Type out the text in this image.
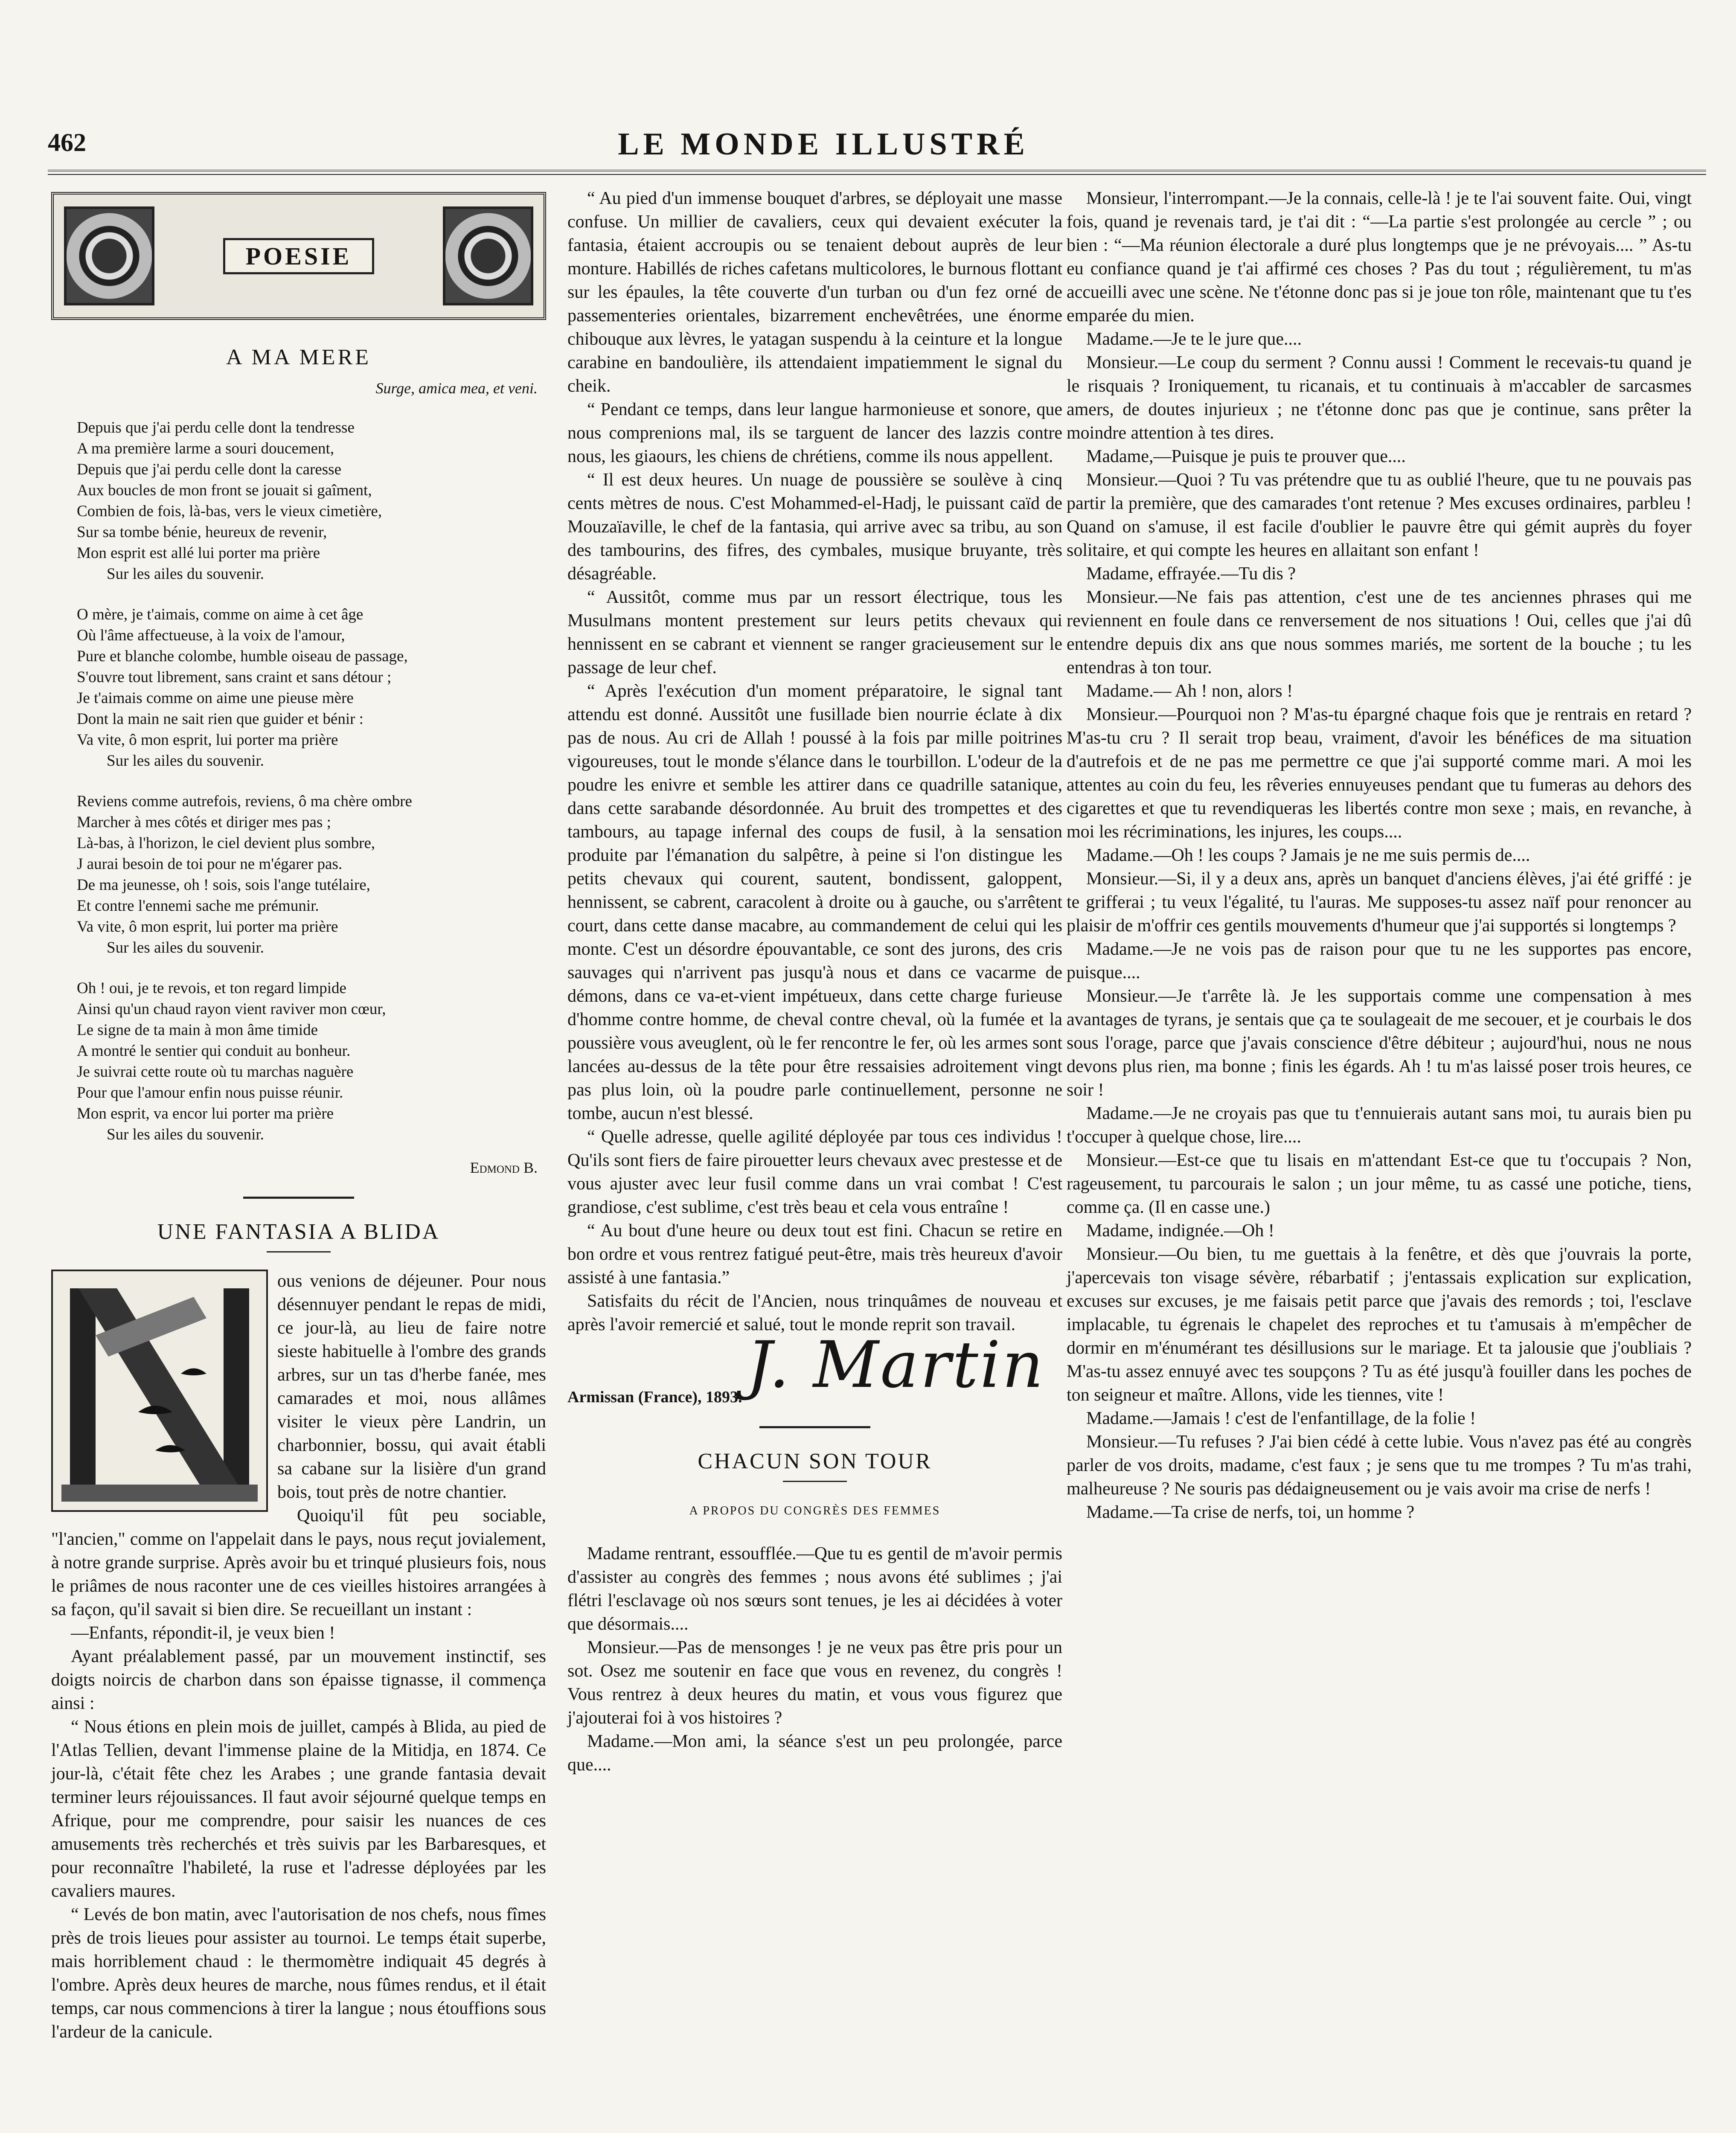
462	LE MONDE ILLUSTRÉ
POESIE
A MA MERE
Surge, amica mea, et veni.
Depuis que j'ai perdu celle dont la tendresse
A ma première larme a souri doucement,
Depuis que j'ai perdu celle dont la caresse
Aux boucles de mon front se jouait si gaîment,
Combien de fois, là-bas, vers le vieux cimetière,
Sur sa tombe bénie, heureux de revenir,
Mon esprit est allé lui porter ma prière
Sur les ailes du souvenir.
O mère, je t'aimais, comme on aime à cet âge
Où l'âme affectueuse, à la voix de l'amour,
Pure et blanche colombe, humble oiseau de passage,
S'ouvre tout librement, sans craint et sans détour ;
Je t'aimais comme on aime une pieuse mère
Dont la main ne sait rien que guider et bénir :
Va vite, ô mon esprit, lui porter ma prière
Sur les ailes du souvenir.
Reviens comme autrefois, reviens, ô ma chère ombre
Marcher à mes côtés et diriger mes pas ;
Là-bas, à l'horizon, le ciel devient plus sombre,
J aurai besoin de toi pour ne m'égarer pas.
De ma jeunesse, oh ! sois, sois l'ange tutélaire,
Et contre l'ennemi sache me prémunir.
Va vite, ô mon esprit, lui porter ma prière
Sur les ailes du souvenir.
Oh ! oui, je te revois, et ton regard limpide
Ainsi qu'un chaud rayon vient raviver mon cœur,
Le signe de ta main à mon âme timide
A montré le sentier qui conduit au bonheur.
Je suivrai cette route où tu marchas naguère
Pour que l'amour enfin nous puisse réunir.
Mon esprit, va encor lui porter ma prière
Sur les ailes du souvenir.
Edmond B.
UNE FANTASIA A BLIDA

ous venions de déjeuner. Pour nous désennuyer pendant le repas de midi, ce jour-là, au lieu de faire notre sieste habituelle à l'ombre des grands arbres, sur un tas d'herbe fanée, mes camarades et moi, nous allâmes visiter le vieux père Landrin, un charbonnier, bossu, qui avait établi sa cabane sur la lisière d'un grand bois, tout près de notre chantier.

Quoiqu'il fût peu sociable, "l'ancien," comme on l'appelait dans le pays, nous reçut jovialement, à notre grande surprise. Après avoir bu et trinqué plusieurs fois, nous le priâmes de nous raconter une de ces vieilles histoires arrangées à sa façon, qu'il savait si bien dire. Se recueillant un instant :

—Enfants, répondit-il, je veux bien !

Ayant préalablement passé, par un mouvement instinctif, ses doigts noircis de charbon dans son épaisse tignasse, il commença ainsi :

“ Nous étions en plein mois de juillet, campés à Blida, au pied de l'Atlas Tellien, devant l'immense plaine de la Mitidja, en 1874. Ce jour-là, c'était fête chez les Arabes ; une grande fantasia devait terminer leurs réjouissances. Il faut avoir séjourné quelque temps en Afrique, pour me comprendre, pour saisir les nuances de ces amusements très recherchés et très suivis par les Barbaresques, et pour reconnaître l'habileté, la ruse et l'adresse déployées par les cavaliers maures.

“ Levés de bon matin, avec l'autorisation de nos chefs, nous fîmes près de trois lieues pour assister au tournoi. Le temps était superbe, mais horriblement chaud : le thermomètre indiquait 45 degrés à l'ombre. Après deux heures de marche, nous fûmes rendus, et il était temps, car nous commencions à tirer la langue ; nous étouffions sous l'ardeur de la canicule.

“ Au pied d'un immense bouquet d'arbres, se déployait une masse confuse. Un millier de cavaliers, ceux qui devaient exécuter la fantasia, étaient accroupis ou se tenaient debout auprès de leur monture. Habillés de riches cafetans multicolores, le burnous flottant sur les épaules, la tête couverte d'un turban ou d'un fez orné de passementeries orientales, bizarrement enchevêtrées, une énorme chibouque aux lèvres, le yatagan suspendu à la ceinture et la longue carabine en bandoulière, ils attendaient impatiemment le signal du cheik.

“ Pendant ce temps, dans leur langue harmonieuse et sonore, que nous comprenions mal, ils se targuent de lancer des lazzis contre nous, les giaours, les chiens de chrétiens, comme ils nous appellent.

“ Il est deux heures. Un nuage de poussière se soulève à cinq cents mètres de nous. C'est Mohammed-el-Hadj, le puissant caïd de Mouzaïaville, le chef de la fantasia, qui arrive avec sa tribu, au son des tambourins, des fifres, des cymbales, musique bruyante, très désagréable.

“ Aussitôt, comme mus par un ressort électrique, tous les Musulmans montent prestement sur leurs petits chevaux qui hennissent en se cabrant et viennent se ranger gracieusement sur le passage de leur chef.

“ Après l'exécution d'un moment préparatoire, le signal tant attendu est donné. Aussitôt une fusillade bien nourrie éclate à dix pas de nous. Au cri de Allah ! poussé à la fois par mille poitrines vigoureuses, tout le monde s'élance dans le tourbillon. L'odeur de la poudre les enivre et semble les attirer dans ce quadrille satanique, dans cette sarabande désordonnée. Au bruit des trompettes et des tambours, au tapage infernal des coups de fusil, à la sensation produite par l'émanation du salpêtre, à peine si l'on distingue les petits chevaux qui courent, sautent, bondissent, galoppent, hennissent, se cabrent, caracolent à droite ou à gauche, ou s'arrêtent court, dans cette danse macabre, au commandement de celui qui les monte. C'est un désordre épouvantable, ce sont des jurons, des cris sauvages qui n'arrivent pas jusqu'à nous et dans ce vacarme de démons, dans ce va-et-vient impétueux, dans cette charge furieuse d'homme contre homme, de cheval contre cheval, où la fumée et la poussière vous aveuglent, où le fer rencontre le fer, où les armes sont lancées au-dessus de la tête pour être ressaisies adroitement vingt pas plus loin, où la poudre parle continuellement, personne ne tombe, aucun n'est blessé.

“ Quelle adresse, quelle agilité déployée par tous ces individus ! Qu'ils sont fiers de faire pirouetter leurs chevaux avec prestesse et de vous ajuster avec leur fusil comme dans un vrai combat ! C'est grandiose, c'est sublime, c'est très beau et cela vous entraîne !

“ Au bout d'une heure ou deux tout est fini. Chacun se retire en bon ordre et vous rentrez fatigué peut-être, mais très heureux d'avoir assisté à une fantasia.”

Satisfaits du récit de l'Ancien, nous trinquâmes de nouveau et après l'avoir remercié et salué, tout le monde reprit son travail.

J. Martin
Armissan (France), 1893.
CHACUN SON TOUR
A PROPOS DU CONGRÈS DES FEMMES

Madame rentrant, essoufflée.—Que tu es gentil de m'avoir permis d'assister au congrès des femmes ; nous avons été sublimes ; j'ai flétri l'esclavage où nos sœurs sont tenues, je les ai décidées à voter que désormais....

Monsieur.—Pas de mensonges ! je ne veux pas être pris pour un sot. Osez me soutenir en face que vous en revenez, du congrès ! Vous rentrez à deux heures du matin, et vous vous figurez que j'ajouterai foi à vos histoires ?

Madame.—Mon ami, la séance s'est un peu prolongée, parce que....

Monsieur, l'interrompant.—Je la connais, celle-là ! je te l'ai souvent faite. Oui, vingt fois, quand je revenais tard, je t'ai dit : “—La partie s'est prolongée au cercle ” ; ou bien : “—Ma réunion électorale a duré plus longtemps que je ne prévoyais.... ” As-tu eu confiance quand je t'ai affirmé ces choses ? Pas du tout ; régulièrement, tu m'as accueilli avec une scène. Ne t'étonne donc pas si je joue ton rôle, maintenant que tu t'es emparée du mien.

Madame.—Je te le jure que....

Monsieur.—Le coup du serment ? Connu aussi ! Comment le recevais-tu quand je le risquais ? Ironiquement, tu ricanais, et tu continuais à m'accabler de sarcasmes amers, de doutes injurieux ; ne t'étonne donc pas que je continue, sans prêter la moindre attention à tes dires.

Madame,—Puisque je puis te prouver que....

Monsieur.—Quoi ? Tu vas prétendre que tu as oublié l'heure, que tu ne pouvais pas partir la première, que des camarades t'ont retenue ? Mes excuses ordinaires, parbleu ! Quand on s'amuse, il est facile d'oublier le pauvre être qui gémit auprès du foyer solitaire, et qui compte les heures en allaitant son enfant !

Madame, effrayée.—Tu dis ?

Monsieur.—Ne fais pas attention, c'est une de tes anciennes phrases qui me reviennent en foule dans ce renversement de nos situations ! Oui, celles que j'ai dû entendre depuis dix ans que nous sommes mariés, me sortent de la bouche ; tu les entendras à ton tour.

Madame.— Ah ! non, alors !

Monsieur.—Pourquoi non ? M'as-tu épargné chaque fois que je rentrais en retard ? M'as-tu cru ? Il serait trop beau, vraiment, d'avoir les bénéfices de ma situation d'autrefois et de ne pas me permettre ce que j'ai supporté comme mari. A moi les attentes au coin du feu, les rêveries ennuyeuses pendant que tu fumeras au dehors des cigarettes et que tu revendiqueras les libertés contre mon sexe ; mais, en revanche, à moi les récriminations, les injures, les coups....

Madame.—Oh ! les coups ? Jamais je ne me suis permis de....

Monsieur.—Si, il y a deux ans, après un banquet d'anciens élèves, j'ai été griffé : je te grifferai ; tu veux l'égalité, tu l'auras. Me supposes-tu assez naïf pour renoncer au plaisir de m'offrir ces gentils mouvements d'humeur que j'ai supportés si longtemps ?

Madame.—Je ne vois pas de raison pour que tu ne les supportes pas encore, puisque....

Monsieur.—Je t'arrête là. Je les supportais comme une compensation à mes avantages de tyrans, je sentais que ça te soulageait de me secouer, et je courbais le dos sous l'orage, parce que j'avais conscience d'être débiteur ; aujourd'hui, nous ne nous devons plus rien, ma bonne ; finis les égards. Ah ! tu m'as laissé poser trois heures, ce soir !

Madame.—Je ne croyais pas que tu t'ennuierais autant sans moi, tu aurais bien pu t'occuper à quelque chose, lire....

Monsieur.—Est-ce que tu lisais en m'attendant Est-ce que tu t'occupais ? Non, rageusement, tu parcourais le salon ; un jour même, tu as cassé une potiche, tiens, comme ça. (Il en casse une.)

Madame, indignée.—Oh !

Monsieur.—Ou bien, tu me guettais à la fenêtre, et dès que j'ouvrais la porte, j'apercevais ton visage sévère, rébarbatif ; j'entassais explication sur explication, excuses sur excuses, je me faisais petit parce que j'avais des remords ; toi, l'esclave implacable, tu égrenais le chapelet des reproches et tu t'amusais à m'empêcher de dormir en m'énumérant tes désillusions sur le mariage. Et ta jalousie que j'oubliais ? M'as-tu assez ennuyé avec tes soupçons ? Tu as été jusqu'à fouiller dans les poches de ton seigneur et maître. Allons, vide les tiennes, vite !

Madame.—Jamais ! c'est de l'enfantillage, de la folie !

Monsieur.—Tu refuses ? J'ai bien cédé à cette lubie. Vous n'avez pas été au congrès parler de vos droits, madame, c'est faux ; je sens que tu me trompes ? Tu m'as trahi, malheureuse ? Ne souris pas dédaigneusement ou je vais avoir ma crise de nerfs !

Madame.—Ta crise de nerfs, toi, un homme ?
